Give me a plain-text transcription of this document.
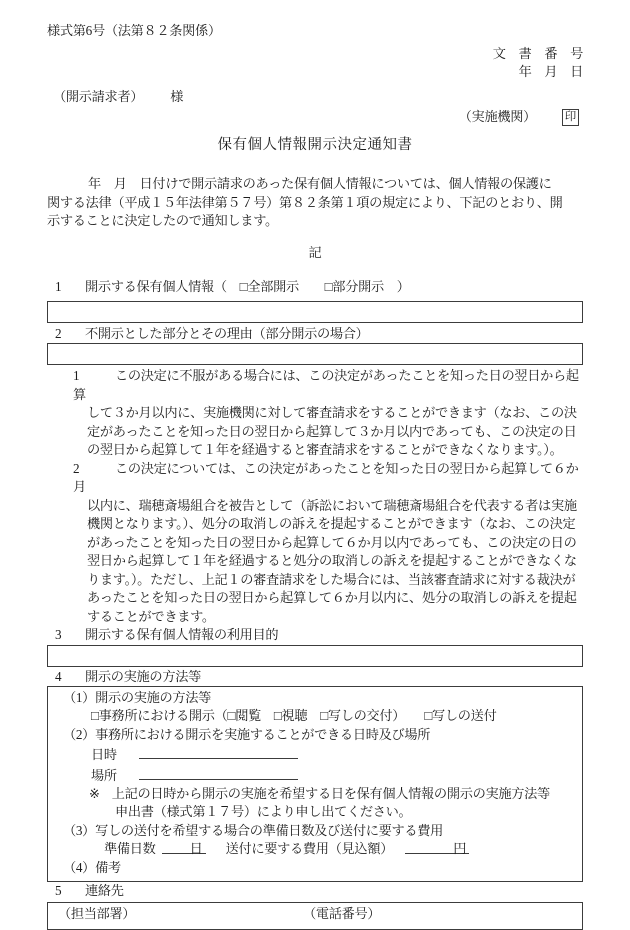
様式第6号（法第８２条関係）
文　書　番　号
年　月　日
（開示請求者） 様
（実施機関）	印
保有個人情報開示決定通知書
年　月　日付けで開示請求のあった保有個人情報については、個人情報の保護に
関する法律（平成１５年法律第５７号）第８２条第１項の規定により、下記のとおり、開
示することに決定したので通知します。
記
1 開示する保有個人情報（　□全部開示　　□部分開示　）
2 不開示とした部分とその理由（部分開示の場合）
1	この決定に不服がある場合には、この決定があったことを知った日の翌日から起算
して３か月以内に、実施機関に対して審査請求をすることができます（なお、この決
定があったことを知った日の翌日から起算して３か月以内であっても、この決定の日
の翌日から起算して１年を経過すると審査請求をすることができなくなります。）。
2	この決定については、この決定があったことを知った日の翌日から起算して６か月
以内に、瑞穂斎場組合を被告として（訴訟において瑞穂斎場組合を代表する者は実施
機関となります。）、処分の取消しの訴えを提起することができます（なお、この決定
があったことを知った日の翌日から起算して６か月以内であっても、この決定の日の
翌日から起算して１年を経過すると処分の取消しの訴えを提起することができなくな
ります。）。ただし、上記１の審査請求をした場合には、当該審査請求に対する裁決が
あったことを知った日の翌日から起算して６か月以内に、処分の取消しの訴えを提起
することができます。
3 開示する保有個人情報の利用目的
4 開示の実施の方法等
（1）開示の実施の方法等
□事務所における開示（□閲覧　□視聴　□写しの交付）　　□写しの送付
（2）事務所における開示を実施することができる日時及び場所
日時
場所
※ 上記の日時から開示の実施を希望する日を保有個人情報の開示の実施方法等
申出書（様式第１７号）により申し出てください。
（3）写しの送付を希望する場合の準備日数及び送付に要する費用
準備日数	日 送付に要する費用（見込額）	円
（4）備考
5 連絡先
（担当部署）	（電話番号）
